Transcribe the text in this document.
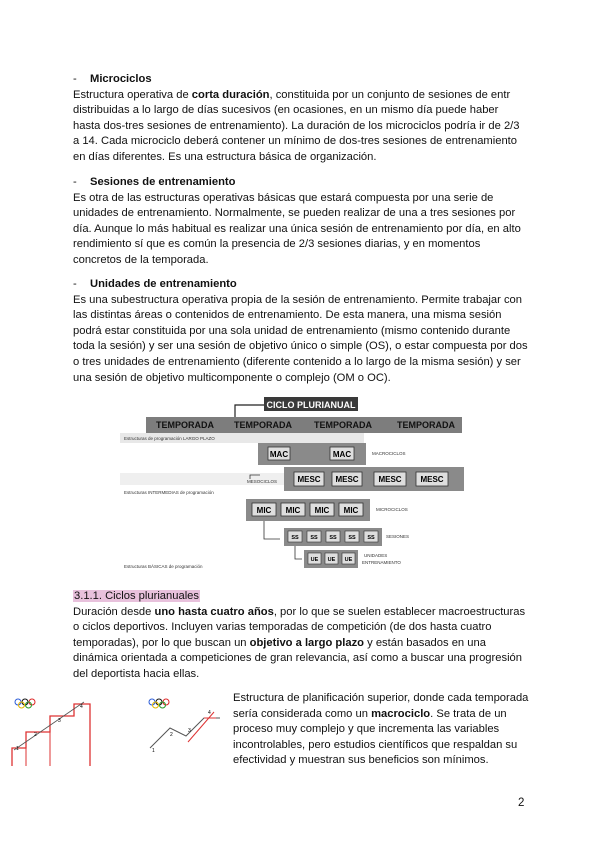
- Microciclos

Estructura operativa de corta duración, constituida por un conjunto de sesiones de entr distribuidas a lo largo de días sucesivos (en ocasiones, en un mismo día puede haber hasta dos-tres sesiones de entrenamiento). La duración de los microciclos podría ir de 2/3 a 14. Cada microciclo deberá contener un mínimo de dos-tres sesiones de entrenamiento en días diferentes. Es una estructura básica de organización.

- Sesiones de entrenamiento

Es otra de las estructuras operativas básicas que estará compuesta por una serie de unidades de entrenamiento. Normalmente, se pueden realizar de una a tres sesiones por día. Aunque lo más habitual es realizar una única sesión de entrenamiento por día, en alto rendimiento sí que es común la presencia de 2/3 sesiones diarias, y en momentos concretos de la temporada.

- Unidades de entrenamiento

Es una subestructura operativa propia de la sesión de entrenamiento. Permite trabajar con las distintas áreas o contenidos de entrenamiento. De esta manera, una misma sesión podrá estar constituida por una sola unidad de entrenamiento (mismo contenido durante toda la sesión) y ser una sesión de objetivo único o simple (OS), o estar compuesta por dos o tres unidades de entrenamiento (diferente contenido a lo largo de la misma sesión) y ser una sesión de objetivo multicomponente o complejo (OM o OC).

CICLO PLURIANUAL
TEMPORADA TEMPORADA TEMPORADA	TEMPORADA
Estructuras de programación LARGO PLAZO
Estructuras INTERMEDIAS de programación
Estructuras BÁSICAS de programación
MAC	MAC	MACROCICLOS
MESOCICLOS	MESC MESC MESC MESC
MIC MIC MIC MIC	MICROCICLOS
SS SS SS SS SS	SESIONES
UE UE UE
UNIDADES
ENTRENAMIENTO
3.1.1. Ciclos plurianuales

Duración desde uno hasta cuatro años, por lo que se suelen establecer macroestructuras o ciclos deportivos. Incluyen varias temporadas de competición (de dos hasta cuatro temporadas), por lo que buscan un objetivo a largo plazo y están basados en una dinámica orientada a competiciones de gran relevancia, así como a buscar una progresión del deportista hacia ellas.

1
2
3
4
1
2
3
4
Estructura de planificación superior, donde cada temporada sería considerada como un macrociclo. Se trata de un proceso muy complejo y que incrementa las variables incontrolables, pero estudios científicos que respaldan su efectividad y muestran sus beneficios son mínimos.
2
